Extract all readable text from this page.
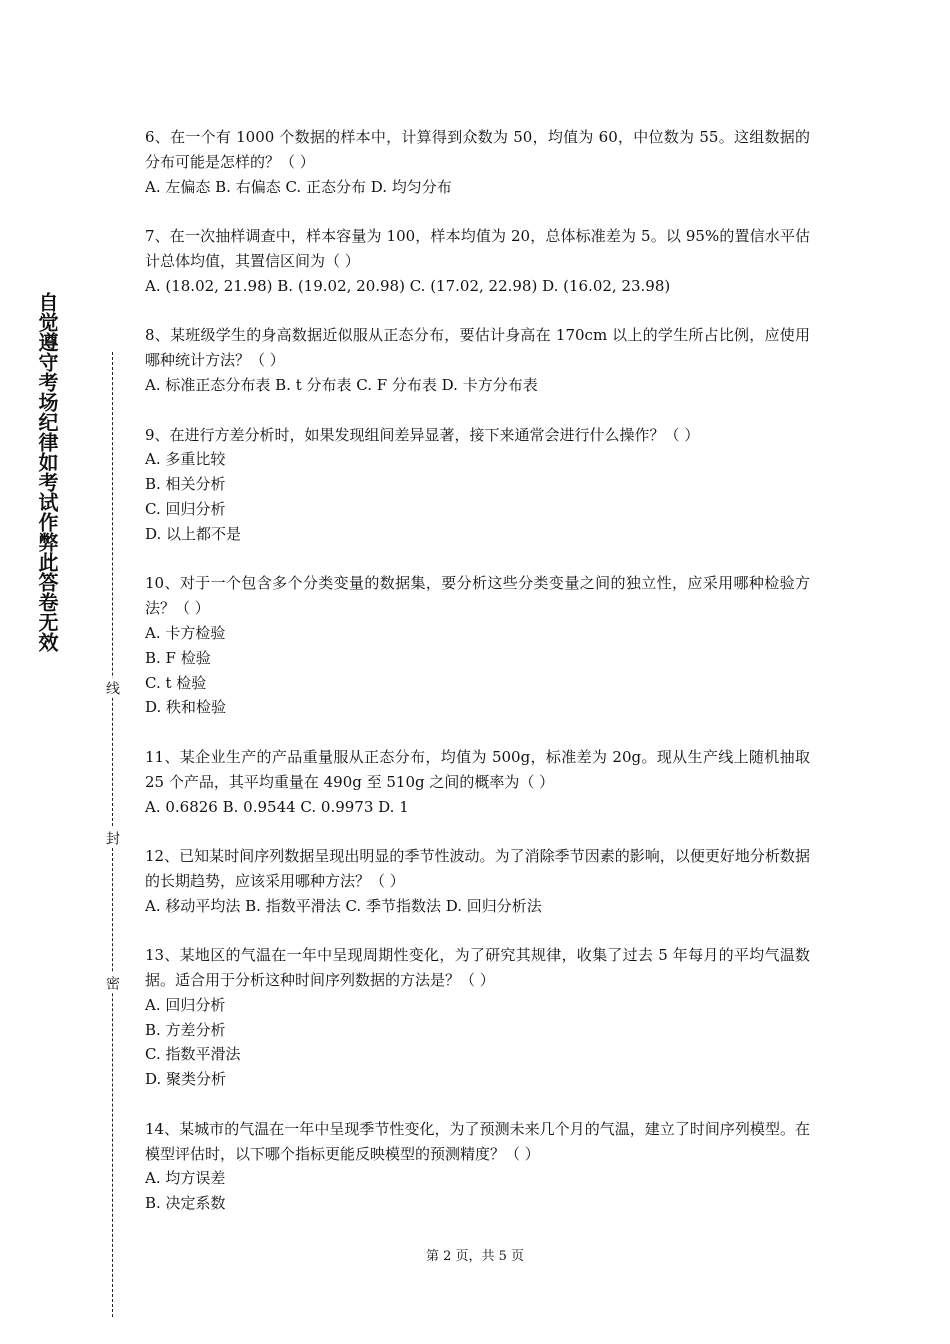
自觉遵守考场纪律如考试作弊此答卷无效
线
封
密
6、在一个有 1000 个数据的样本中，计算得到众数为 50，均值为 60，中位数为 55。这组数据的分布可能是怎样的？（ ）
A. 左偏态 B. 右偏态 C. 正态分布 D. 均匀分布
7、在一次抽样调查中，样本容量为 100，样本均值为 20，总体标准差为 5。以 95%的置信水平估计总体均值，其置信区间为（ ）
A. (18.02, 21.98) B. (19.02, 20.98) C. (17.02, 22.98) D. (16.02, 23.98)
8、某班级学生的身高数据近似服从正态分布，要估计身高在 170cm 以上的学生所占比例，应使用哪种统计方法？（ ）
A. 标准正态分布表 B. t 分布表 C. F 分布表 D. 卡方分布表
9、在进行方差分析时，如果发现组间差异显著，接下来通常会进行什么操作？（ ）
A. 多重比较
B. 相关分析
C. 回归分析
D. 以上都不是
10、对于一个包含多个分类变量的数据集，要分析这些分类变量之间的独立性，应采用哪种检验方法？（ ）
A. 卡方检验
B. F 检验
C. t 检验
D. 秩和检验
11、某企业生产的产品重量服从正态分布，均值为 500g，标准差为 20g。现从生产线上随机抽取 25 个产品，其平均重量在 490g 至 510g 之间的概率为（ ）
A. 0.6826 B. 0.9544 C. 0.9973 D. 1
12、已知某时间序列数据呈现出明显的季节性波动。为了消除季节因素的影响，以便更好地分析数据的长期趋势，应该采用哪种方法？（ ）
A. 移动平均法 B. 指数平滑法 C. 季节指数法 D. 回归分析法
13、某地区的气温在一年中呈现周期性变化，为了研究其规律，收集了过去 5 年每月的平均气温数据。适合用于分析这种时间序列数据的方法是？（ ）
A. 回归分析
B. 方差分析
C. 指数平滑法
D. 聚类分析
14、某城市的气温在一年中呈现季节性变化，为了预测未来几个月的气温，建立了时间序列模型。在模型评估时，以下哪个指标更能反映模型的预测精度？（ ）
A. 均方误差
B. 决定系数
第 2 页，共 5 页
